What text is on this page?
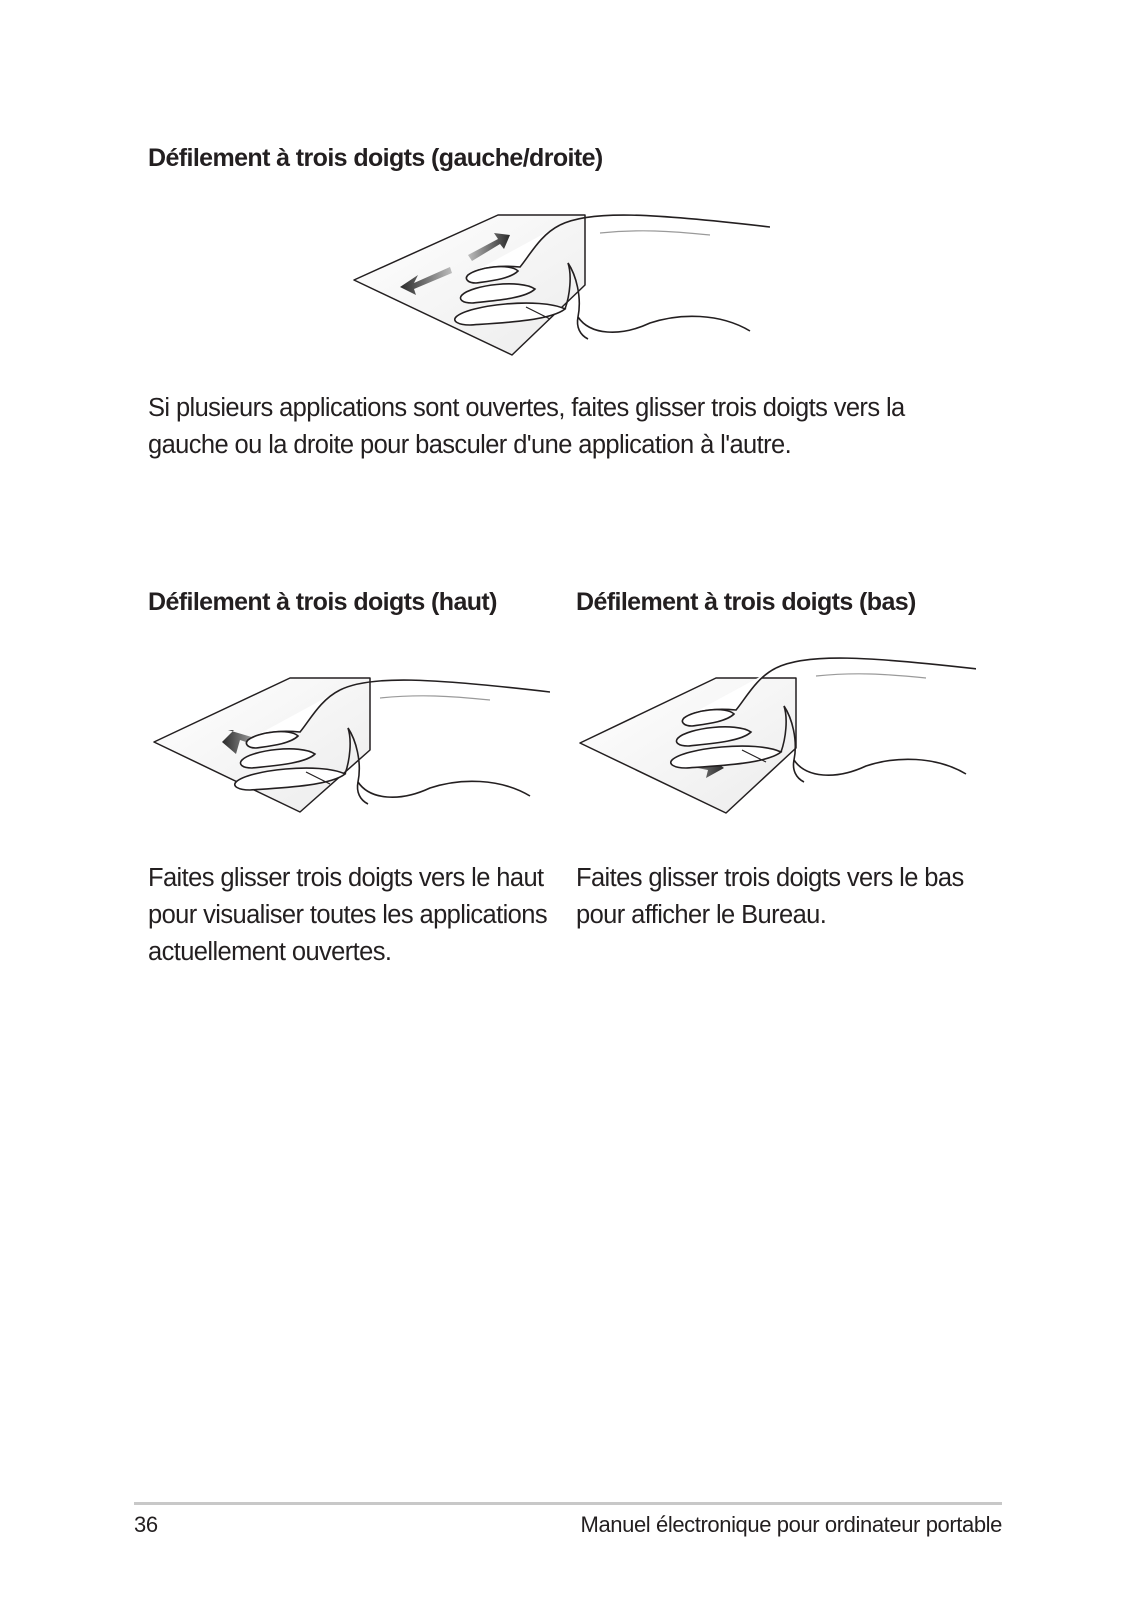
Défilement à trois doigts (gauche/droite)
Si plusieurs applications sont ouvertes, faites glisser trois doigts vers la gauche ou la droite pour basculer d'une application à l'autre.
Défilement à trois doigts (haut)	Défilement à trois doigts (bas)
Faites glisser trois doigts vers le haut pour visualiser toutes les applications actuellement ouvertes.
Faites glisser trois doigts vers le bas pour afficher le Bureau.
36	Manuel électronique pour ordinateur portable
